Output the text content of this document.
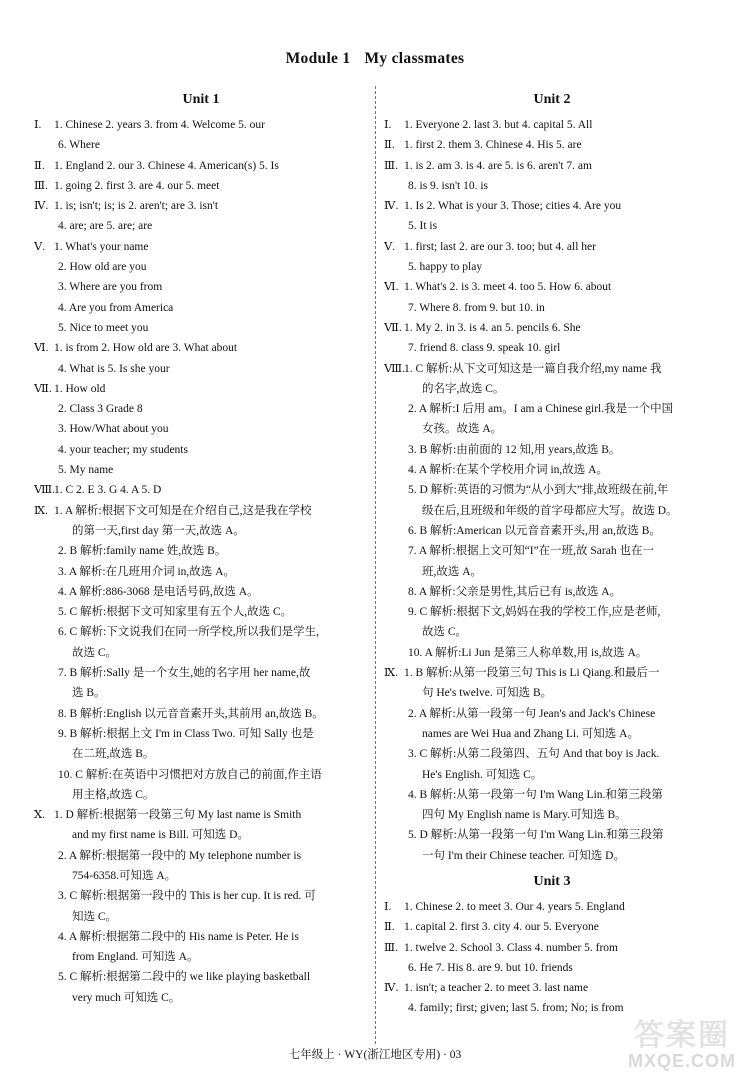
Module 1 My classmates
Unit 1
Ⅰ. 1. Chinese 2. years 3. from 4. Welcome 5. our
6. Where
Ⅱ. 1. England 2. our 3. Chinese 4. American(s) 5. Is
Ⅲ. 1. going 2. first 3. are 4. our 5. meet
Ⅳ. 1. is; isn't; is; is 2. aren't; are 3. isn't
4. are; are 5. are; are
Ⅴ. 1. What's your name
2. How old are you
3. Where are you from
4. Are you from America
5. Nice to meet you
Ⅵ. 1. is from 2. How old are 3. What about
4. What is 5. Is she your
Ⅶ. 1. How old
2. Class 3 Grade 8
3. How/What about you
4. your teacher; my students
5. My name
Ⅷ. 1. C 2. E 3. G 4. A 5. D
Ⅸ. 1. A 解析:根据下文可知是在介绍自己,这是我在学校
的第一天,first day 第一天,故选 A。
2. B 解析:family name 姓,故选 B。
3. A 解析:在几班用介词 in,故选 A。
4. A 解析:886-3068 是电话号码,故选 A。
5. C 解析:根据下文可知家里有五个人,故选 C。
6. C 解析:下文说我们在同一所学校,所以我们是学生,
故选 C。
7. B 解析:Sally 是一个女生,她的名字用 her name,故
选 B。
8. B 解析:English 以元音音素开头,其前用 an,故选 B。
9. B 解析:根据上文 I'm in Class Two. 可知 Sally 也是
在二班,故选 B。
10. C 解析:在英语中习惯把对方放自己的前面,作主语
用主格,故选 C。
Ⅹ. 1. D 解析:根据第一段第三句 My last name is Smith
and my first name is Bill. 可知选 D。
2. A 解析:根据第一段中的 My telephone number is
754-6358.可知选 A。
3. C 解析:根据第一段中的 This is her cup. It is red. 可
知选 C。
4. A 解析:根据第二段中的 His name is Peter. He is
from England. 可知选 A。
5. C 解析:根据第二段中的 we like playing basketball
very much 可知选 C。
Unit 2
Ⅰ. 1. Everyone 2. last 3. but 4. capital 5. All
Ⅱ. 1. first 2. them 3. Chinese 4. His 5. are
Ⅲ. 1. is 2. am 3. is 4. are 5. is 6. aren't 7. am
8. is 9. isn't 10. is
Ⅳ. 1. Is 2. What is your 3. Those; cities 4. Are you
5. It is
Ⅴ. 1. first; last 2. are our 3. too; but 4. all her
5. happy to play
Ⅵ. 1. What's 2. is 3. meet 4. too 5. How 6. about
7. Where 8. from 9. but 10. in
Ⅶ. 1. My 2. in 3. is 4. an 5. pencils 6. She
7. friend 8. class 9. speak 10. girl
Ⅷ. 1. C 解析:从下文可知这是一篇自我介绍,my name 我
的名字,故选 C。
2. A 解析:I 后用 am。I am a Chinese girl.我是一个中国
女孩。故选 A。
3. B 解析:由前面的 12 知,用 years,故选 B。
4. A 解析:在某个学校用介词 in,故选 A。
5. D 解析:英语的习惯为“从小到大”排,故班级在前,年
级在后,且班级和年级的首字母都应大写。故选 D。
6. B 解析:American 以元音音素开头,用 an,故选 B。
7. A 解析:根据上文可知“I”在一班,故 Sarah 也在一
班,故选 A。
8. A 解析:父亲是男性,其后已有 is,故选 A。
9. C 解析:根据下文,妈妈在我的学校工作,应是老师,
故选 C。
10. A 解析:Li Jun 是第三人称单数,用 is,故选 A。
Ⅸ. 1. B 解析:从第一段第三句 This is Li Qiang.和最后一
句 He's twelve. 可知选 B。
2. A 解析:从第一段第一句 Jean's and Jack's Chinese
names are Wei Hua and Zhang Li. 可知选 A。
3. C 解析:从第二段第四、五句 And that boy is Jack.
He's English. 可知选 C。
4. B 解析:从第一段第一句 I'm Wang Lin.和第三段第
四句 My English name is Mary.可知选 B。
5. D 解析:从第一段第一句 I'm Wang Lin.和第三段第
一句 I'm their Chinese teacher. 可知选 D。
Unit 3
Ⅰ. 1. Chinese 2. to meet 3. Our 4. years 5. England
Ⅱ. 1. capital 2. first 3. city 4. our 5. Everyone
Ⅲ. 1. twelve 2. School 3. Class 4. number 5. from
6. He 7. His 8. are 9. but 10. friends
Ⅳ. 1. isn't; a teacher 2. to meet 3. last name
4. family; first; given; last 5. from; No; is from
七年级上 · WY(浙江地区专用) · 03
答案圈
MXQE.COM
